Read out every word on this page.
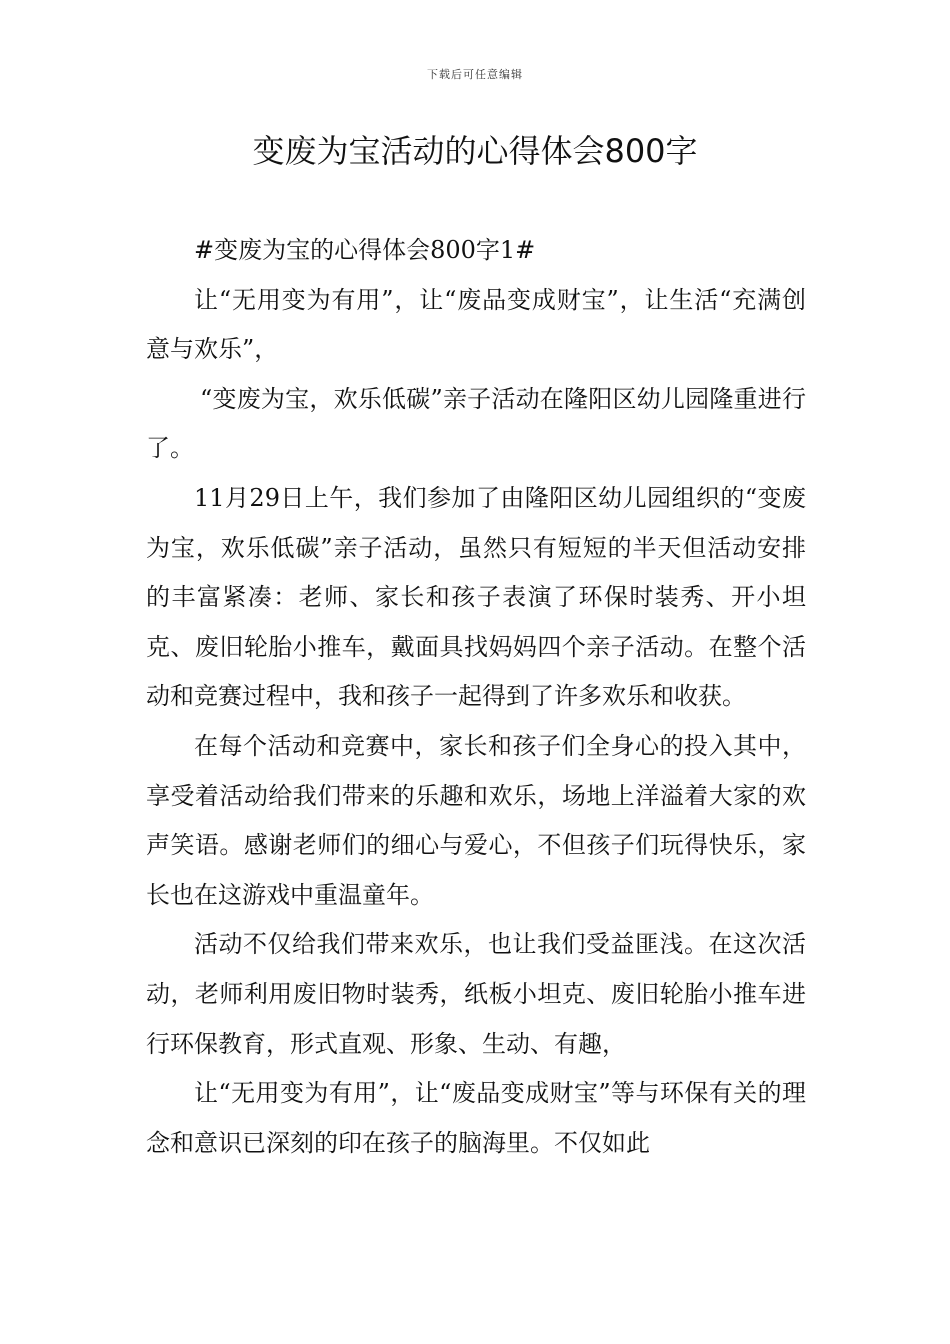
下载后可任意编辑
变废为宝活动的心得体会800字

#变废为宝的心得体会800字1#

让“无用变为有用”，让“废品变成财宝”，让生活“充满创意与欢乐”，

“变废为宝，欢乐低碳”亲子活动在隆阳区幼儿园隆重进行了。

11月29日上午，我们参加了由隆阳区幼儿园组织的“变废为宝，欢乐低碳”亲子活动，虽然只有短短的半天但活动安排的丰富紧凑：老师、家长和孩子表演了环保时装秀、开小坦克、废旧轮胎小推车，戴面具找妈妈四个亲子活动。在整个活动和竞赛过程中，我和孩子一起得到了许多欢乐和收获。

在每个活动和竞赛中，家长和孩子们全身心的投入其中，享受着活动给我们带来的乐趣和欢乐，场地上洋溢着大家的欢声笑语。感谢老师们的细心与爱心，不但孩子们玩得快乐，家长也在这游戏中重温童年。

活动不仅给我们带来欢乐，也让我们受益匪浅。在这次活动，老师利用废旧物时装秀，纸板小坦克、废旧轮胎小推车进行环保教育，形式直观、形象、生动、有趣，

让“无用变为有用”，让“废品变成财宝”等与环保有关的理念和意识已深刻的印在孩子的脑海里。不仅如此
